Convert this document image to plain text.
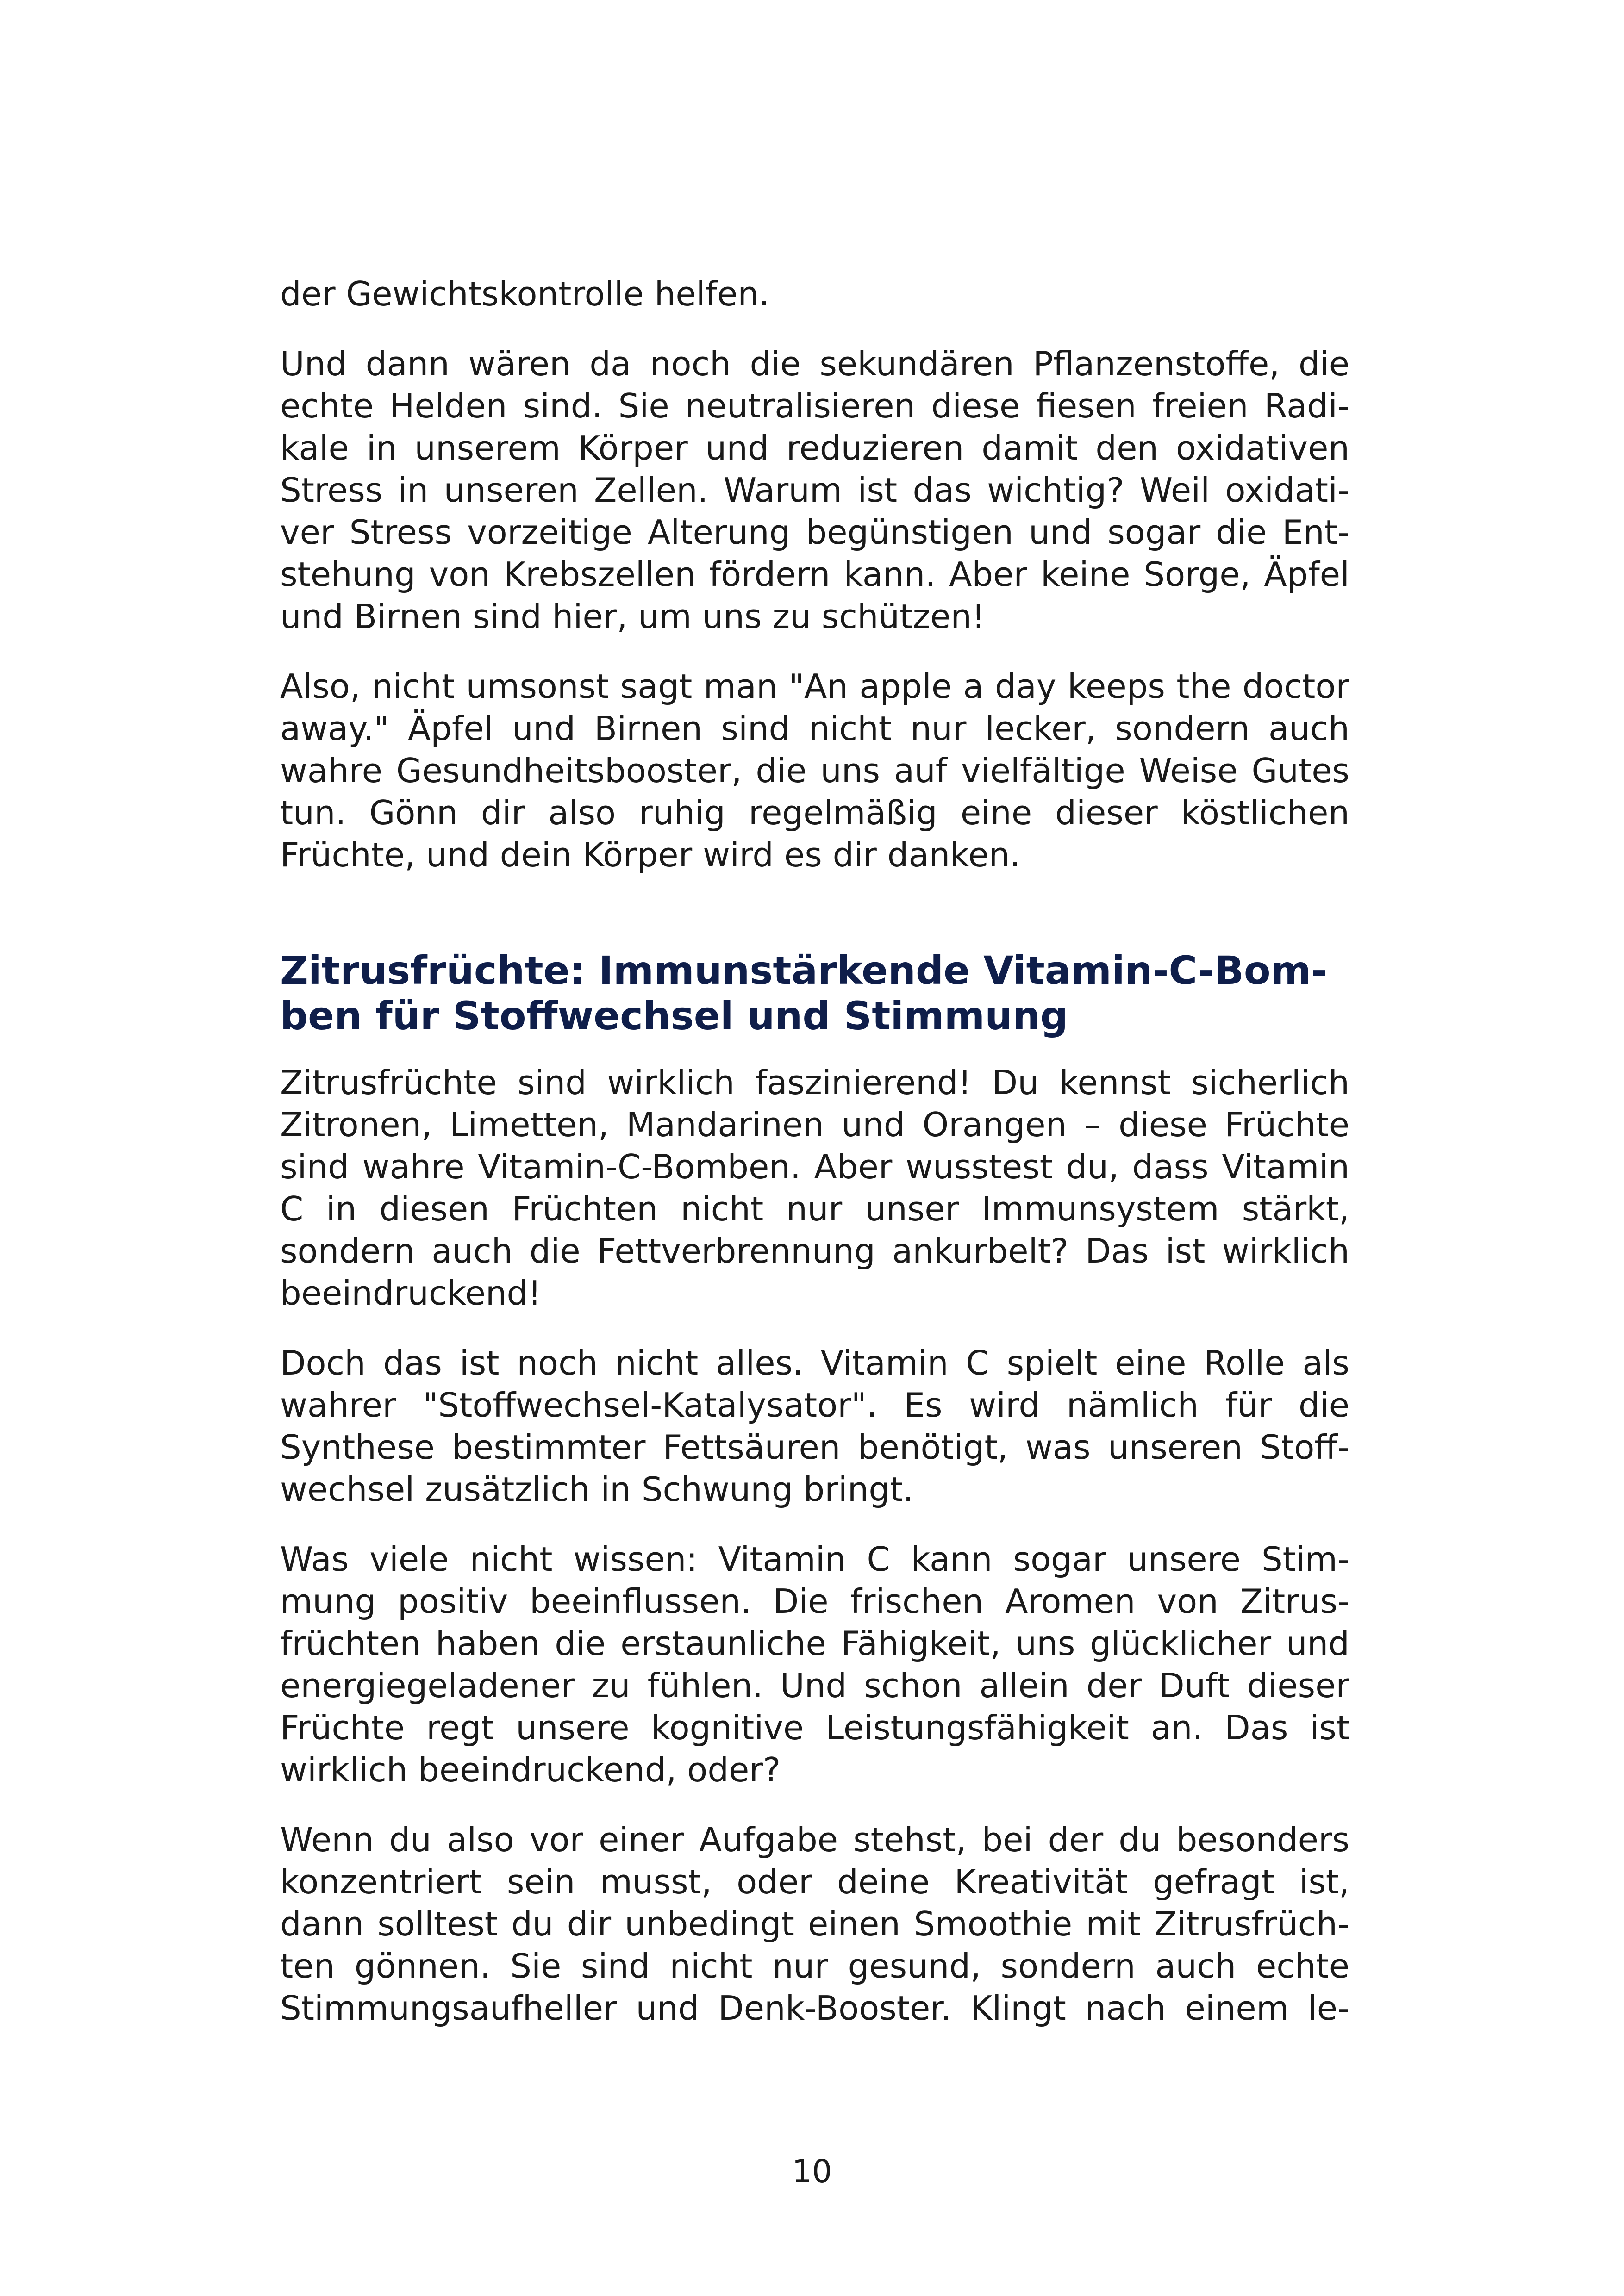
der Gewichtskontrolle helfen.

Und dann wären da noch die sekundären Pflanzenstoffe, die
echte Helden sind. Sie neutralisieren diese fiesen freien Radi-
kale in unserem Körper und reduzieren damit den oxidativen
Stress in unseren Zellen. Warum ist das wichtig? Weil oxidati-
ver Stress vorzeitige Alterung begünstigen und sogar die Ent-
stehung von Krebszellen fördern kann. Aber keine Sorge, Äpfel
und Birnen sind hier, um uns zu schützen!

Also, nicht umsonst sagt man "An apple a day keeps the doctor
away." Äpfel und Birnen sind nicht nur lecker, sondern auch
wahre Gesundheitsbooster, die uns auf vielfältige Weise Gutes
tun. Gönn dir also ruhig regelmäßig eine dieser köstlichen
Früchte, und dein Körper wird es dir danken.

Zitrusfrüchte: Immunstärkende Vitamin-C-Bom-
ben für Stoffwechsel und Stimmung

Zitrusfrüchte sind wirklich faszinierend! Du kennst sicherlich
Zitronen, Limetten, Mandarinen und Orangen – diese Früchte
sind wahre Vitamin-C-Bomben. Aber wusstest du, dass Vitamin
C in diesen Früchten nicht nur unser Immunsystem stärkt,
sondern auch die Fettverbrennung ankurbelt? Das ist wirklich
beeindruckend!

Doch das ist noch nicht alles. Vitamin C spielt eine Rolle als
wahrer "Stoffwechsel-Katalysator". Es wird nämlich für die
Synthese bestimmter Fettsäuren benötigt, was unseren Stoff-
wechsel zusätzlich in Schwung bringt.

Was viele nicht wissen: Vitamin C kann sogar unsere Stim-
mung positiv beeinflussen. Die frischen Aromen von Zitrus-
früchten haben die erstaunliche Fähigkeit, uns glücklicher und
energiegeladener zu fühlen. Und schon allein der Duft dieser
Früchte regt unsere kognitive Leistungsfähigkeit an. Das ist
wirklich beeindruckend, oder?

Wenn du also vor einer Aufgabe stehst, bei der du besonders
konzentriert sein musst, oder deine Kreativität gefragt ist,
dann solltest du dir unbedingt einen Smoothie mit Zitrusfrüch-
ten gönnen. Sie sind nicht nur gesund, sondern auch echte
Stimmungsaufheller und Denk-Booster. Klingt nach einem le-

10
